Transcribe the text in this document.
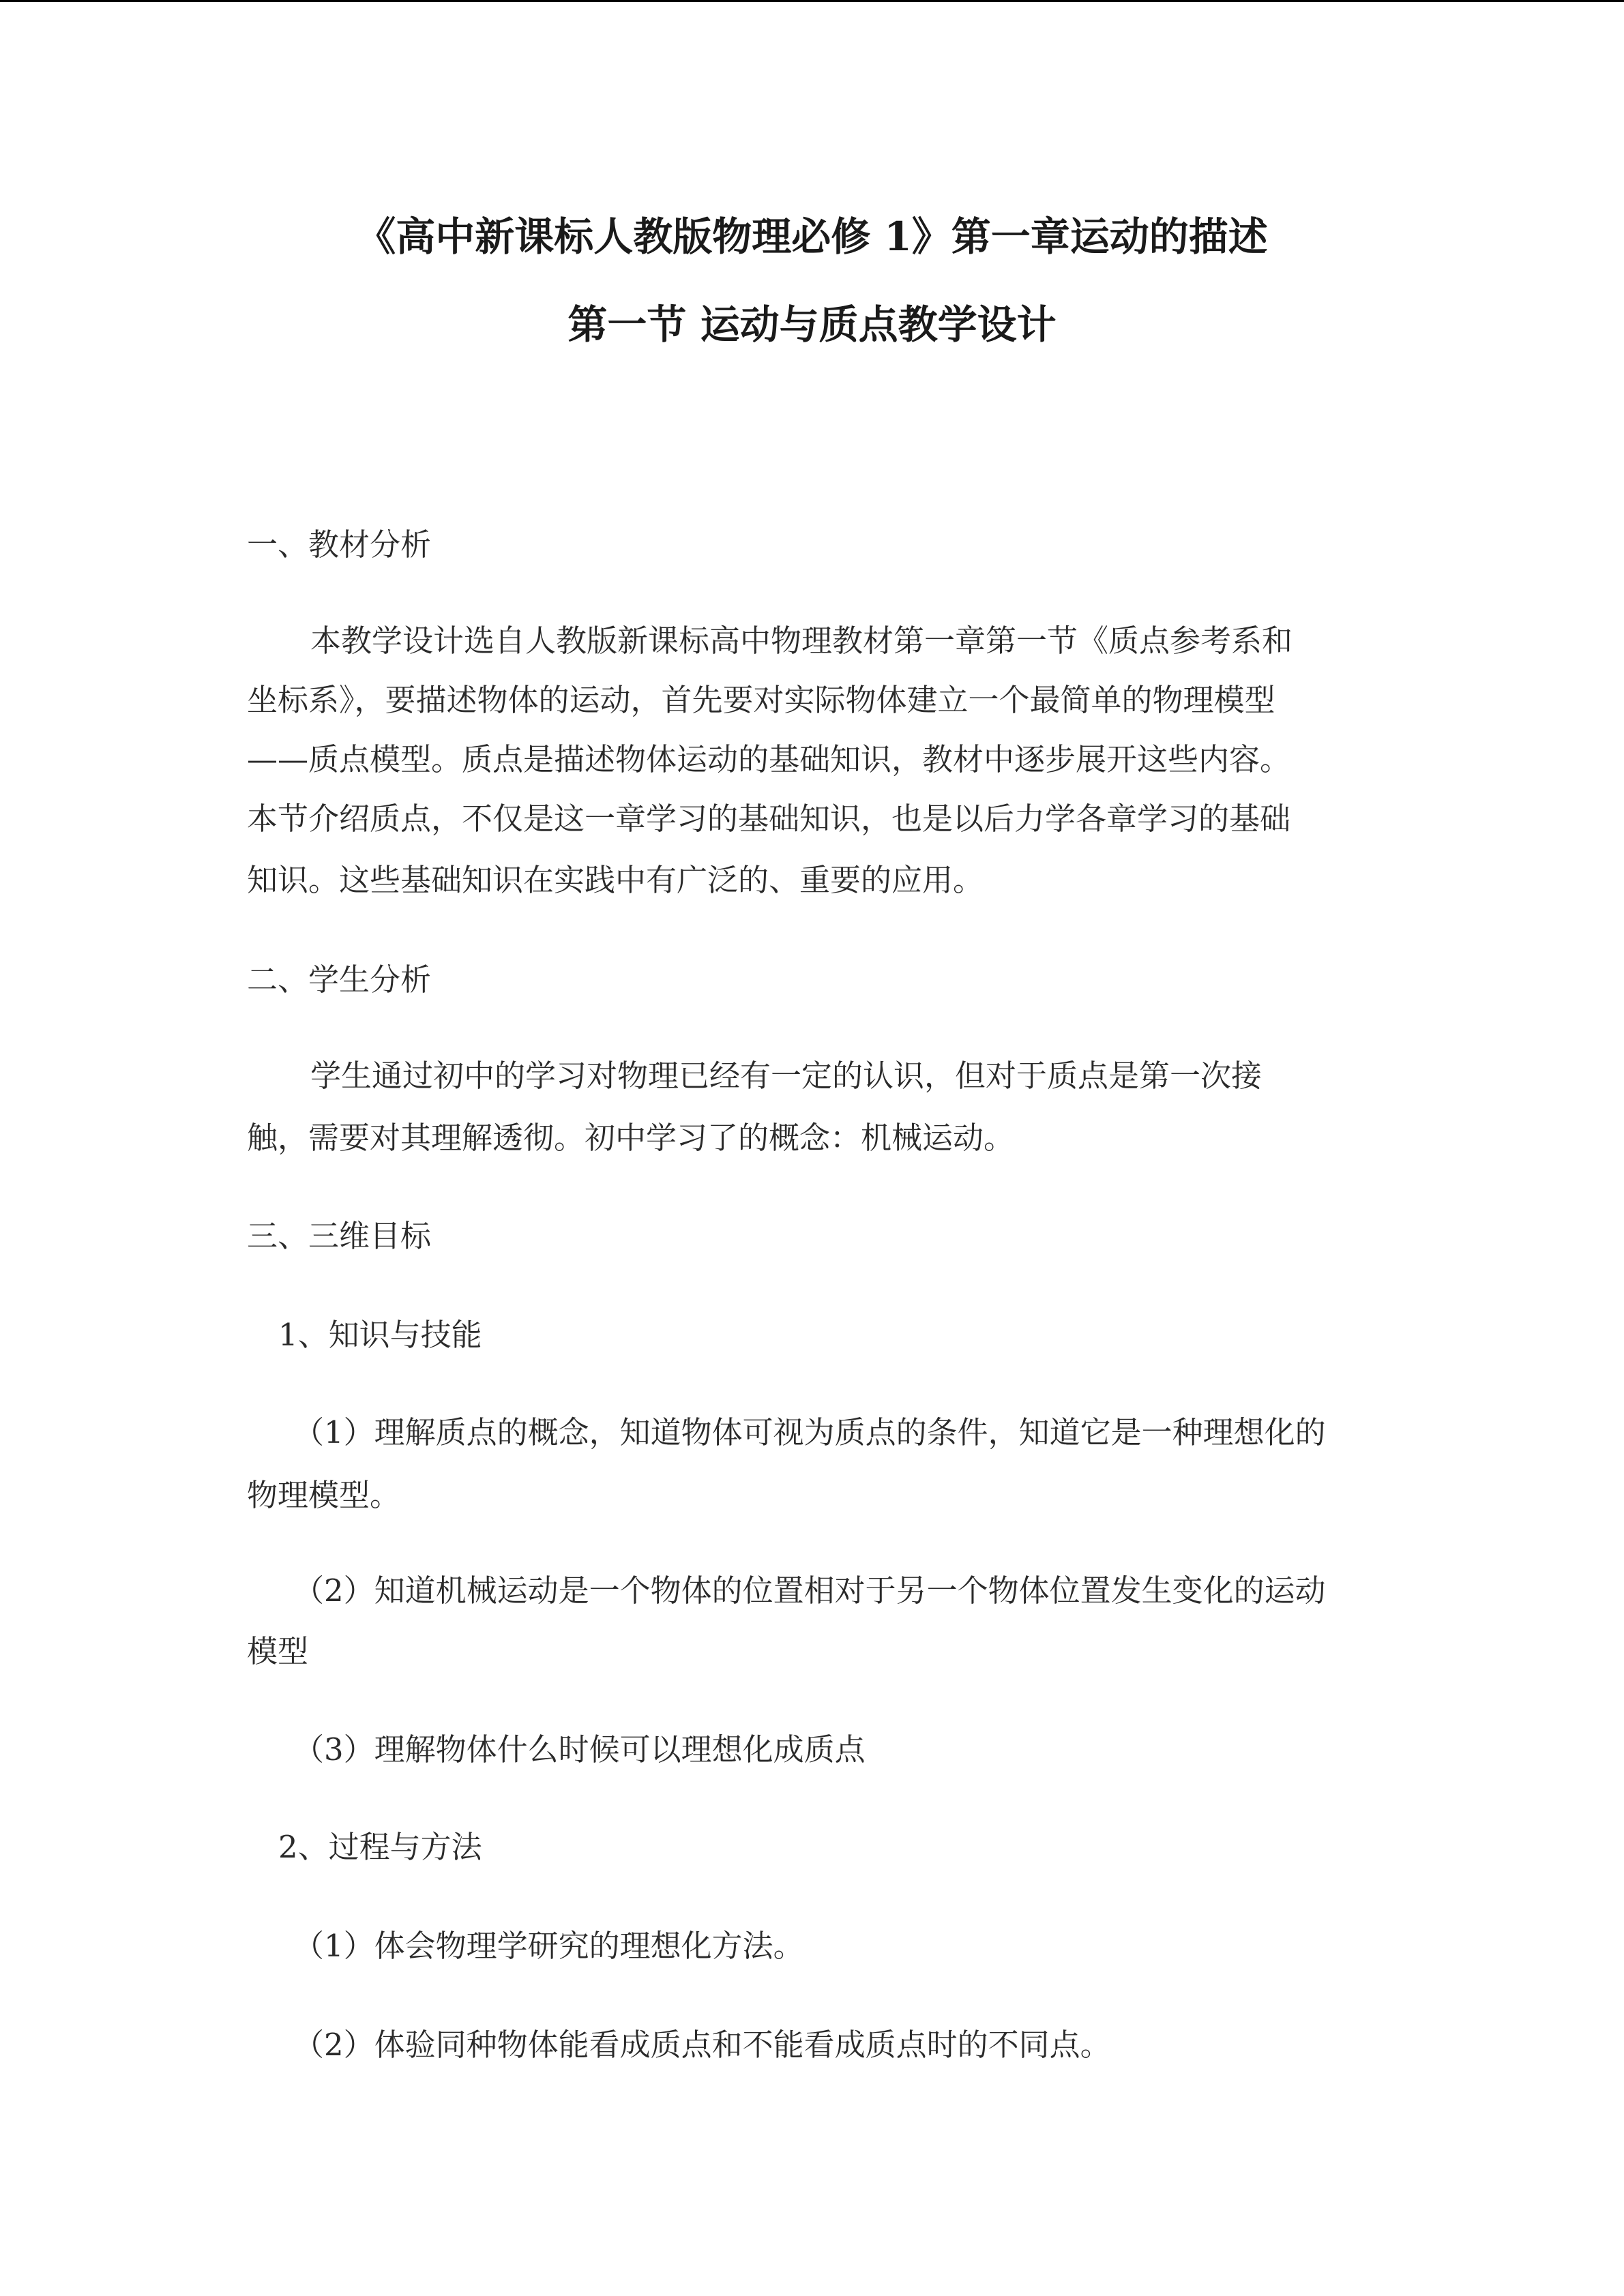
《高中新课标人教版物理必修 1》第一章运动的描述
第一节 运动与质点教学设计
一、教材分析
本教学设计选自人教版新课标高中物理教材第一章第一节《质点参考系和
坐标系》，要描述物体的运动，首先要对实际物体建立一个最简单的物理模型
——质点模型。质点是描述物体运动的基础知识，教材中逐步展开这些内容。
本节介绍质点，不仅是这一章学习的基础知识，也是以后力学各章学习的基础
知识。这些基础知识在实践中有广泛的、重要的应用。
二、学生分析
学生通过初中的学习对物理已经有一定的认识，但对于质点是第一次接
触，需要对其理解透彻。初中学习了的概念：机械运动。
三、三维目标
1、知识与技能
（1）理解质点的概念，知道物体可视为质点的条件，知道它是一种理想化的
物理模型。
（2）知道机械运动是一个物体的位置相对于另一个物体位置发生变化的运动
模型
（3）理解物体什么时候可以理想化成质点
2、过程与方法
（1）体会物理学研究的理想化方法。
（2）体验同种物体能看成质点和不能看成质点时的不同点。
